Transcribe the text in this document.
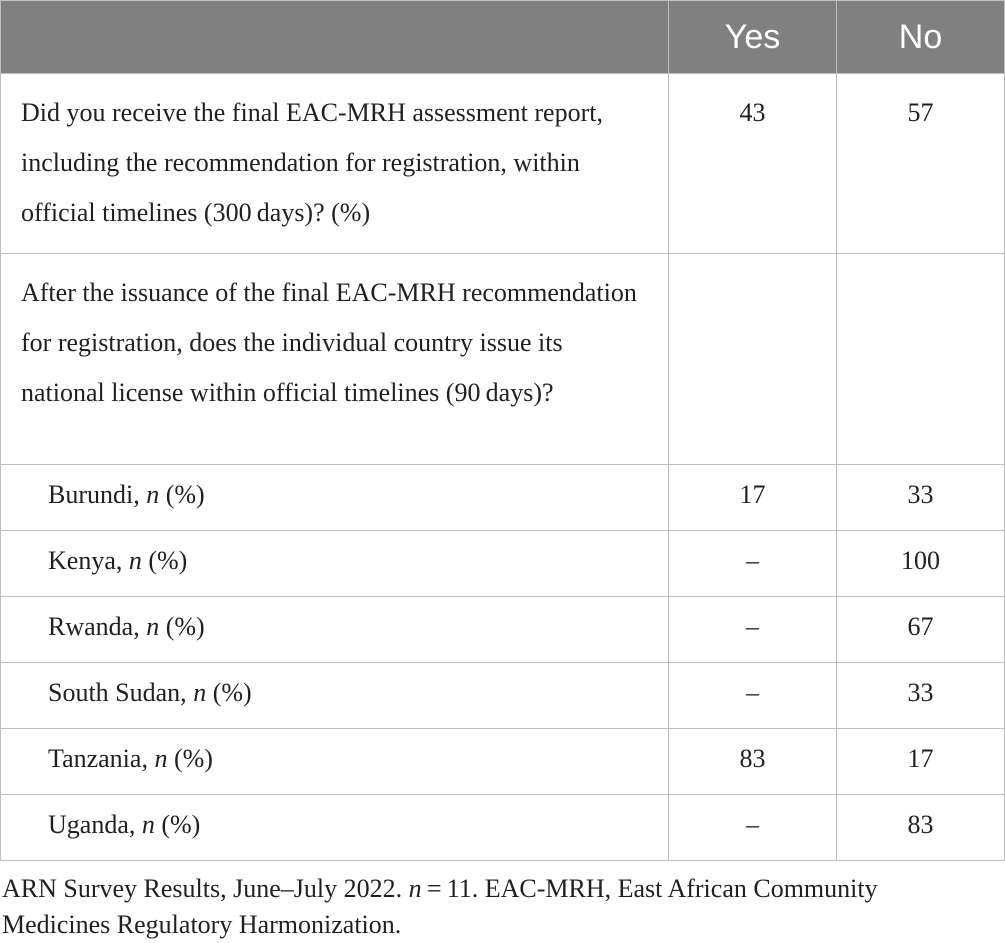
	Yes	No
Did you receive the final EAC-MRH assessment report, including the recommendation for registration, within official timelines (300 days)? (%)	43	57
After the issuance of the final EAC-MRH recommendation for registration, does the individual country issue its national license within official timelines (90 days)?		
Burundi, n (%)	17	33
Kenya, n (%)	–	100
Rwanda, n (%)	–	67
South Sudan, n (%)	–	33
Tanzania, n (%)	83	17
Uganda, n (%)	–	83
ARN Survey Results, June–July 2022. n = 11. EAC-MRH, East African Community Medicines Regulatory Harmonization.
